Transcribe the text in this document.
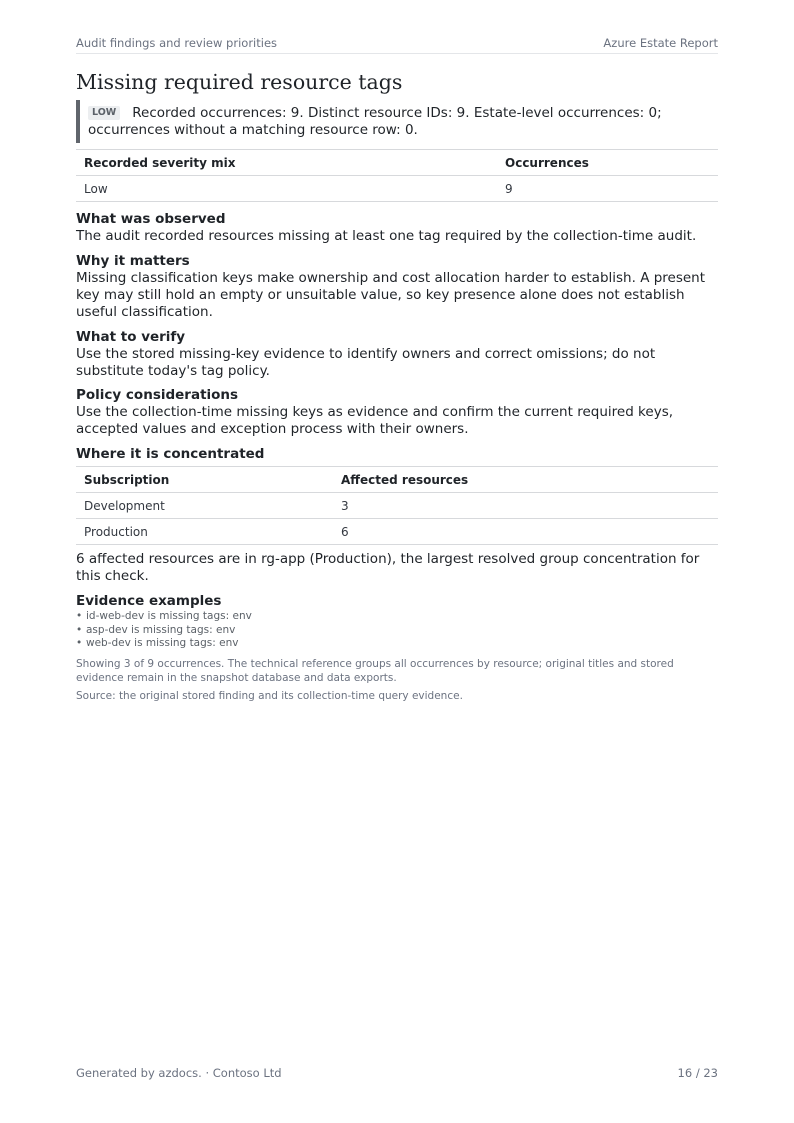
Audit findings and review priorities	Azure Estate Report
Missing required resource tags
LOW Recorded occurrences: 9. Distinct resource IDs: 9. Estate-level occurrences: 0; occurrences without a matching resource row: 0.
Recorded severity mix	Occurrences
Low	9
What was observed

The audit recorded resources missing at least one tag required by the collection-time audit.

Why it matters

Missing classification keys make ownership and cost allocation harder to establish. A present key may still hold an empty or unsuitable value, so key presence alone does not establish useful classification.

What to verify

Use the stored missing-key evidence to identify owners and correct omissions; do not substitute today's tag policy.

Policy considerations

Use the collection-time missing keys as evidence and confirm the current required keys, accepted values and exception process with their owners.

Where it is concentrated
Subscription	Affected resources
Development	3
Production	6

6 affected resources are in rg-app (Production), the largest resolved group concentration for this check.

Evidence examples
• id-web-dev is missing tags: env
• asp-dev is missing tags: env
• web-dev is missing tags: env

Showing 3 of 9 occurrences. The technical reference groups all occurrences by resource; original titles and stored evidence remain in the snapshot database and data exports.

Source: the original stored finding and its collection-time query evidence.

Generated by azdocs. · Contoso Ltd	16 / 23
